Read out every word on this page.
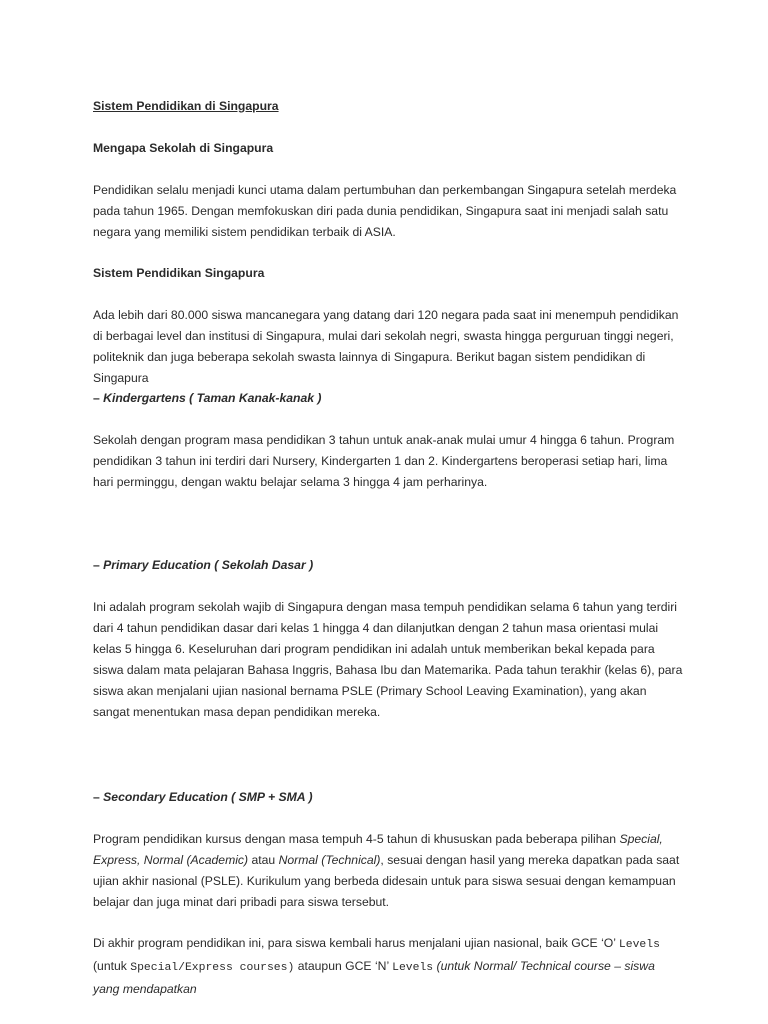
Sistem Pendidikan di Singapura

Mengapa Sekolah di Singapura

Pendidikan selalu menjadi kunci utama dalam pertumbuhan dan perkembangan Singapura setelah merdeka pada tahun 1965. Dengan memfokuskan diri pada dunia pendidikan, Singapura saat ini menjadi salah satu negara yang memiliki sistem pendidikan terbaik di ASIA.

Sistem Pendidikan Singapura

Ada lebih dari 80.000 siswa mancanegara yang datang dari 120 negara pada saat ini menempuh pendidikan di berbagai level dan institusi di Singapura, mulai dari sekolah negri, swasta hingga perguruan tinggi negeri, politeknik dan juga beberapa sekolah swasta lainnya di Singapura. Berikut bagan sistem pendidikan di Singapura

– Kindergartens ( Taman Kanak-kanak )

Sekolah dengan program masa pendidikan 3 tahun untuk anak-anak mulai umur 4 hingga 6 tahun. Program pendidikan 3 tahun ini terdiri dari Nursery, Kindergarten 1 dan 2. Kindergartens beroperasi setiap hari, lima hari perminggu, dengan waktu belajar selama 3 hingga 4 jam perharinya.

– Primary Education ( Sekolah Dasar )

Ini adalah program sekolah wajib di Singapura dengan masa tempuh pendidikan selama 6 tahun yang terdiri dari 4 tahun pendidikan dasar dari kelas 1 hingga 4 dan dilanjutkan dengan 2 tahun masa orientasi mulai kelas 5 hingga 6. Keseluruhan dari program pendidikan ini adalah untuk memberikan bekal kepada para siswa dalam mata pelajaran Bahasa Inggris, Bahasa Ibu dan Matemarika. Pada tahun terakhir (kelas 6), para siswa akan menjalani ujian nasional bernama PSLE (Primary School Leaving Examination), yang akan sangat menentukan masa depan pendidikan mereka.

– Secondary Education ( SMP + SMA )

Program pendidikan kursus dengan masa tempuh 4-5 tahun di khususkan pada beberapa pilihan Special, Express, Normal (Academic) atau Normal (Technical), sesuai dengan hasil yang mereka dapatkan pada saat ujian akhir nasional (PSLE). Kurikulum yang berbeda didesain untuk para siswa sesuai dengan kemampuan belajar dan juga minat dari pribadi para siswa tersebut.

Di akhir program pendidikan ini, para siswa kembali harus menjalani ujian nasional, baik GCE ‘O’ Levels (untuk Special/Express courses) ataupun GCE ‘N’ Levels (untuk Normal/ Technical course – siswa yang mendapatkan
